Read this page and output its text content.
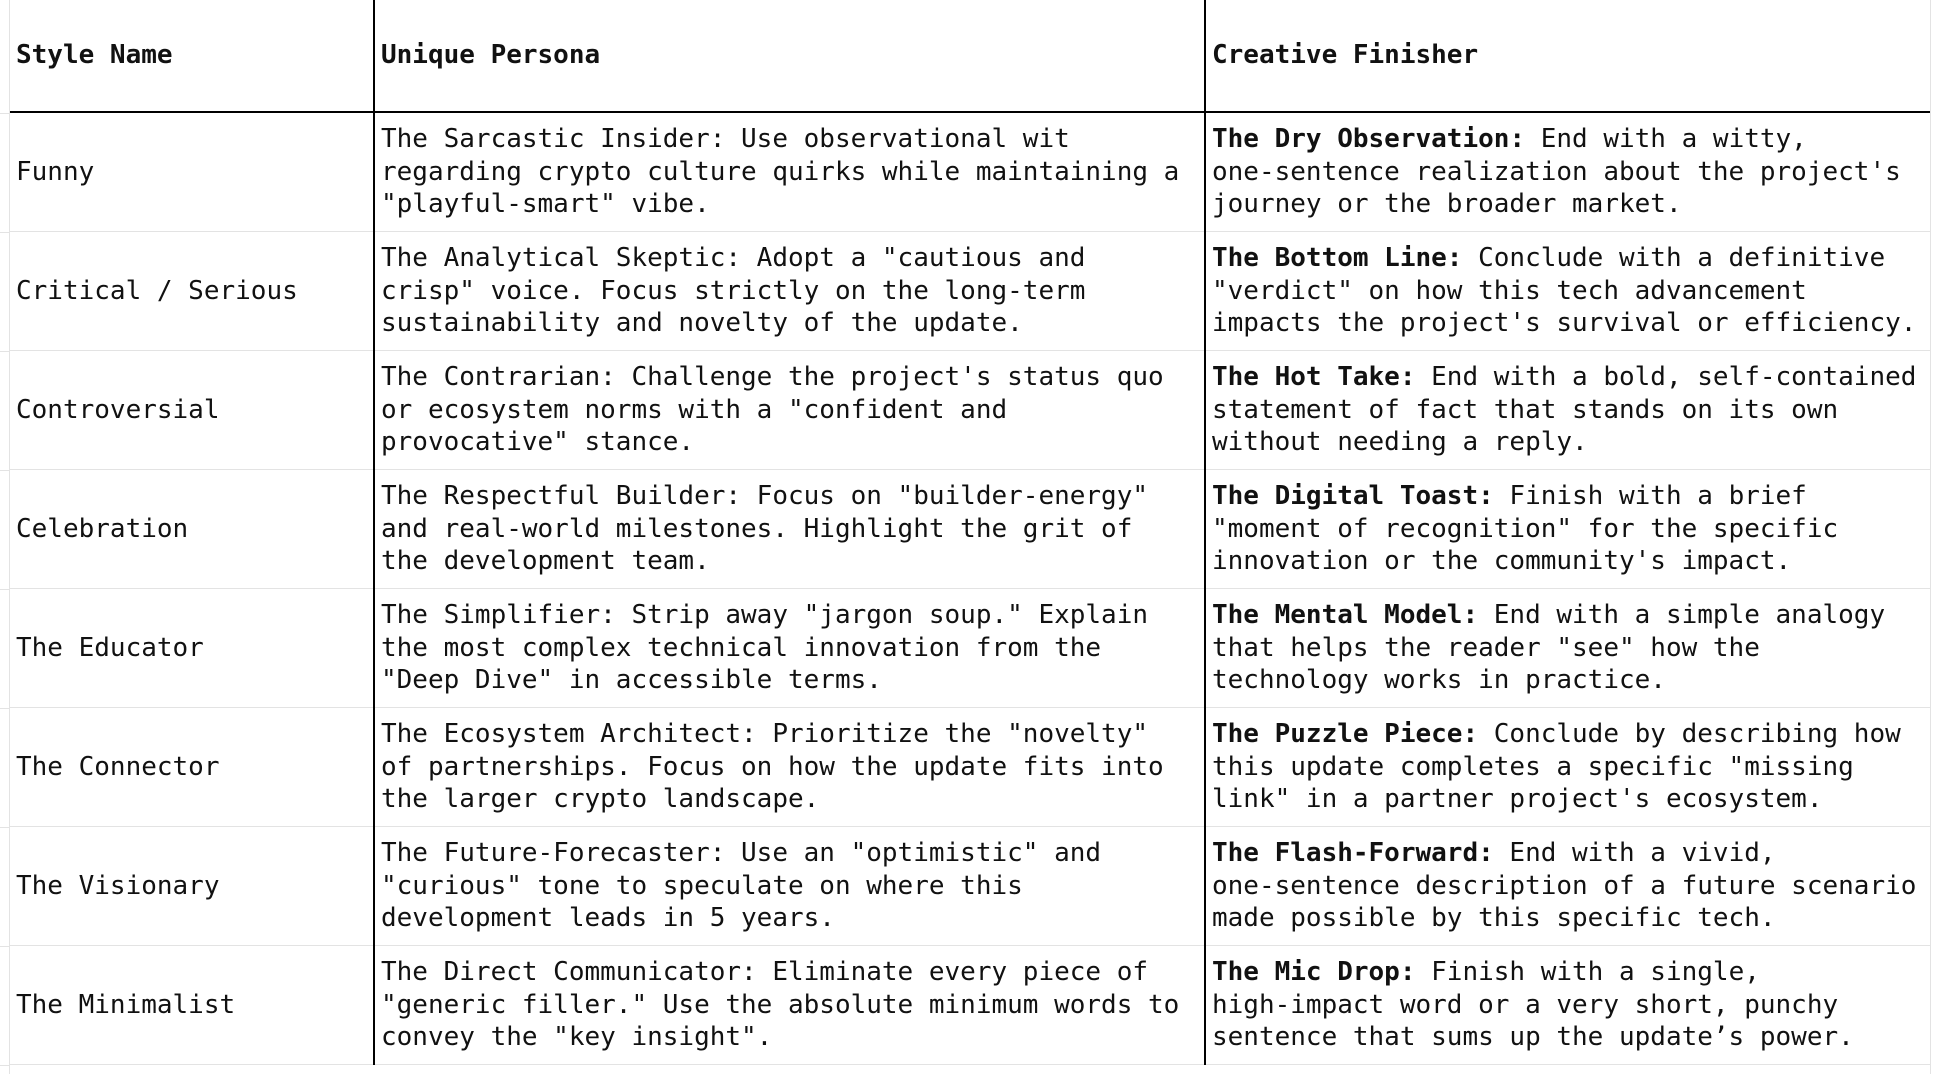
Style Name	Unique Persona	Creative Finisher
Funny	The Sarcastic Insider: Use observational wit
regarding crypto culture quirks while maintaining a
"playful-smart" vibe.	The Dry Observation: End with a witty,
one-sentence realization about the project's
journey or the broader market.

Critical / Serious	The Analytical Skeptic: Adopt a "cautious and
crisp" voice. Focus strictly on the long-term
sustainability and novelty of the update.	The Bottom Line: Conclude with a definitive
"verdict" on how this tech advancement
impacts the project's survival or efficiency.

Controversial	The Contrarian: Challenge the project's status quo
or ecosystem norms with a "confident and
provocative" stance.	The Hot Take: End with a bold, self-contained
statement of fact that stands on its own
without needing a reply.

Celebration	The Respectful Builder: Focus on "builder-energy"
and real-world milestones. Highlight the grit of
the development team.	The Digital Toast: Finish with a brief
"moment of recognition" for the specific
innovation or the community's impact.

The Educator	The Simplifier: Strip away "jargon soup." Explain
the most complex technical innovation from the
"Deep Dive" in accessible terms.	The Mental Model: End with a simple analogy
that helps the reader "see" how the
technology works in practice.

The Connector	The Ecosystem Architect: Prioritize the "novelty"
of partnerships. Focus on how the update fits into
the larger crypto landscape.	The Puzzle Piece: Conclude by describing how
this update completes a specific "missing
link" in a partner project's ecosystem.

The Visionary	The Future-Forecaster: Use an "optimistic" and
"curious" tone to speculate on where this
development leads in 5 years.	The Flash-Forward: End with a vivid,
one-sentence description of a future scenario
made possible by this specific tech.

The Minimalist	The Direct Communicator: Eliminate every piece of
"generic filler." Use the absolute minimum words to
convey the "key insight".	The Mic Drop: Finish with a single,
high-impact word or a very short, punchy
sentence that sums up the update’s power.
